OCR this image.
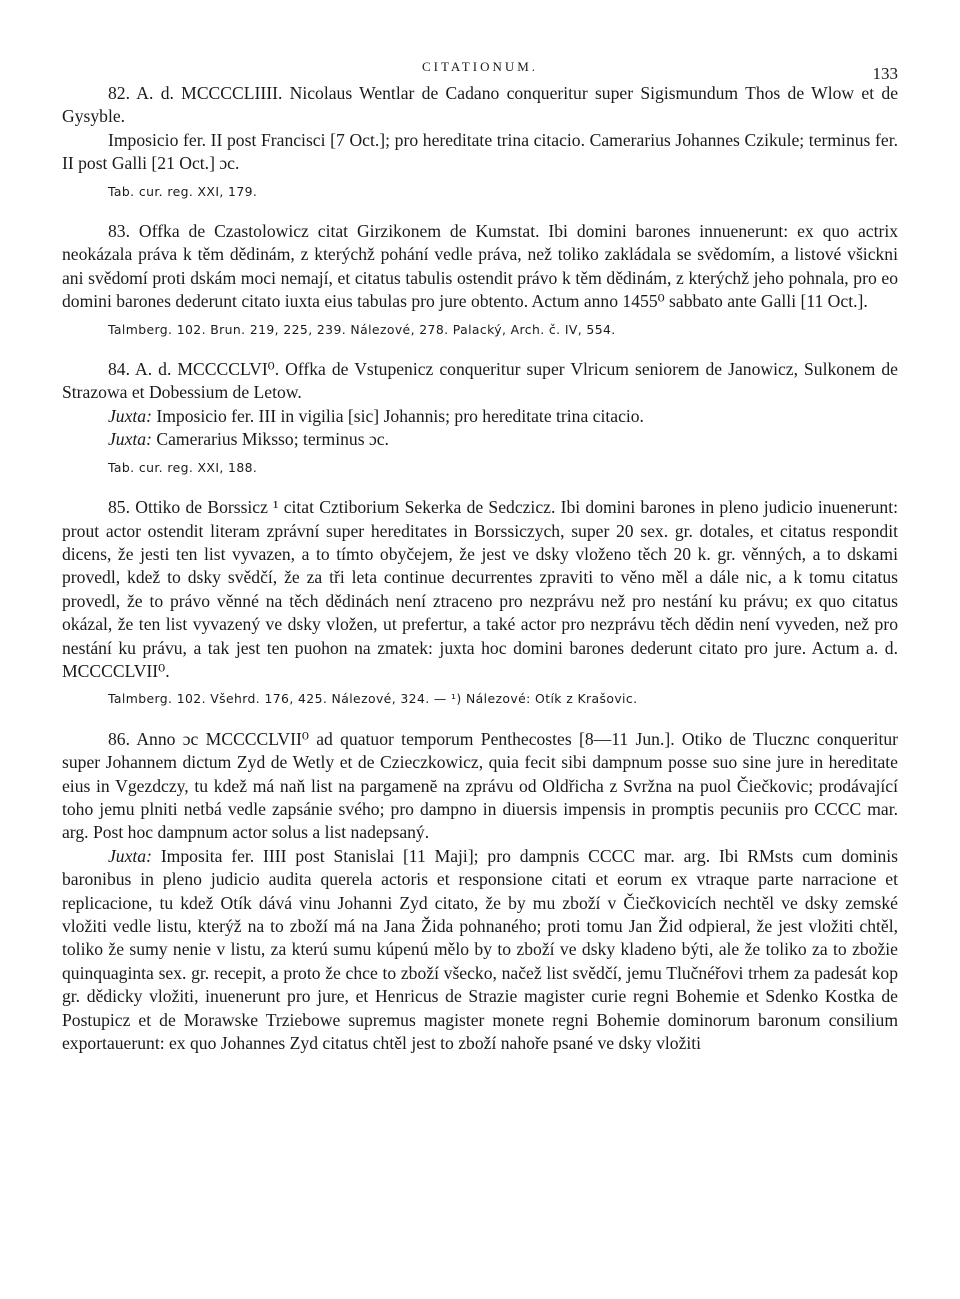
CITATIONUM.	133

82. A. d. MCCCCLIIII. Nicolaus Wentlar de Cadano conqueritur super Sigismundum Thos de Wlow et de Gysyble.

Imposicio fer. II post Francisci [7 Oct.]; pro hereditate trina citacio. Camerarius Johannes Czikule; terminus fer. II post Galli [21 Oct.] ɔc.

Tab. cur. reg. XXI, 179.

83. Offka de Czastolowicz citat Girzikonem de Kumstat. Ibi domini barones innuenerunt: ex quo actrix neokázala práva k těm dědinám, z kterýchž pohání vedle práva, než toliko zakládala se svědomím, a listové všickni ani svědomí proti dskám moci nemají, et citatus tabulis ostendit právo k těm dědinám, z kterýchž jeho pohnala, pro eo domini barones dederunt citato iuxta eius tabulas pro jure obtento. Actum anno 1455⁰ sabbato ante Galli [11 Oct.].

Talmberg. 102. Brun. 219, 225, 239. Nálezové, 278. Palacký, Arch. č. IV, 554.

84. A. d. MCCCCLVI⁰. Offka de Vstupenicz conqueritur super Vlricum seniorem de Janowicz, Sulkonem de Strazowa et Dobessium de Letow.

Juxta: Imposicio fer. III in vigilia [sic] Johannis; pro hereditate trina citacio.

Juxta: Camerarius Miksso; terminus ɔc.

Tab. cur. reg. XXI, 188.

85. Ottiko de Borssicz ¹ citat Cztiborium Sekerka de Sedczicz. Ibi domini barones in pleno judicio inuenerunt: prout actor ostendit literam zprávní super hereditates in Borssiczych, super 20 sex. gr. dotales, et citatus respondit dicens, že jesti ten list vyvazen, a to tímto obyčejem, že jest ve dsky vloženo těch 20 k. gr. věnných, a to dskami provedl, kdež to dsky svědčí, že za tři leta continue decurrentes zpraviti to věno měl a dále nic, a k tomu citatus provedl, že to právo věnné na těch dědinách není ztraceno pro nezprávu než pro nestání ku právu; ex quo citatus okázal, že ten list vyvazený ve dsky vložen, ut prefertur, a také actor pro nezprávu těch dědin není vyveden, než pro nestání ku právu, a tak jest ten puohon na zmatek: juxta hoc domini barones dederunt citato pro jure. Actum a. d. MCCCCLVII⁰.

Talmberg. 102. Všehrd. 176, 425. Nálezové, 324. — ¹) Nálezové: Otík z Krašovic.

86. Anno ɔc MCCCCLVII⁰ ad quatuor temporum Penthecostes [8—11 Jun.]. Otiko de Tlucznc conqueritur super Johannem dictum Zyd de Wetly et de Czieczkowicz, quia fecit sibi dampnum posse suo sine jure in hereditate eius in Vgezdczy, tu kdež má naň list na pargamenĕ na zprávu od Oldřicha z Svržna na puol Čiečkovic; prodávající toho jemu plniti netbá vedle zapsánie svého; pro dampno in diuersis impensis in promptis pecuniis pro CCCC mar. arg. Post hoc dampnum actor solus a list nadepsaný.

Juxta: Imposita fer. IIII post Stanislai [11 Maji]; pro dampnis CCCC mar. arg. Ibi RMsts cum dominis baronibus in pleno judicio audita querela actoris et responsione citati et eorum ex vtraque parte narracione et replicacione, tu kdež Otík dává vinu Johanni Zyd citato, že by mu zboží v Čiečkovicích nechtěl ve dsky zemské vložiti vedle listu, kterýž na to zboží má na Jana Žida pohnaného; proti tomu Jan Žid odpieral, že jest vložiti chtěl, toliko že sumy nenie v listu, za kterú sumu kúpenú mělo by to zboží ve dsky kladeno býti, ale že toliko za to zbožie quinquaginta sex. gr. recepit, a proto že chce to zboží všecko, načež list svědčí, jemu Tlučnéřovi trhem za padesát kop gr. dědicky vložiti, inuenerunt pro jure, et Henricus de Strazie magister curie regni Bohemie et Sdenko Kostka de Postupicz et de Morawske Trziebowe supremus magister monete regni Bohemie dominorum baronum consilium exportauerunt: ex quo Johannes Zyd citatus chtěl jest to zboží nahoře psané ve dsky vložiti
